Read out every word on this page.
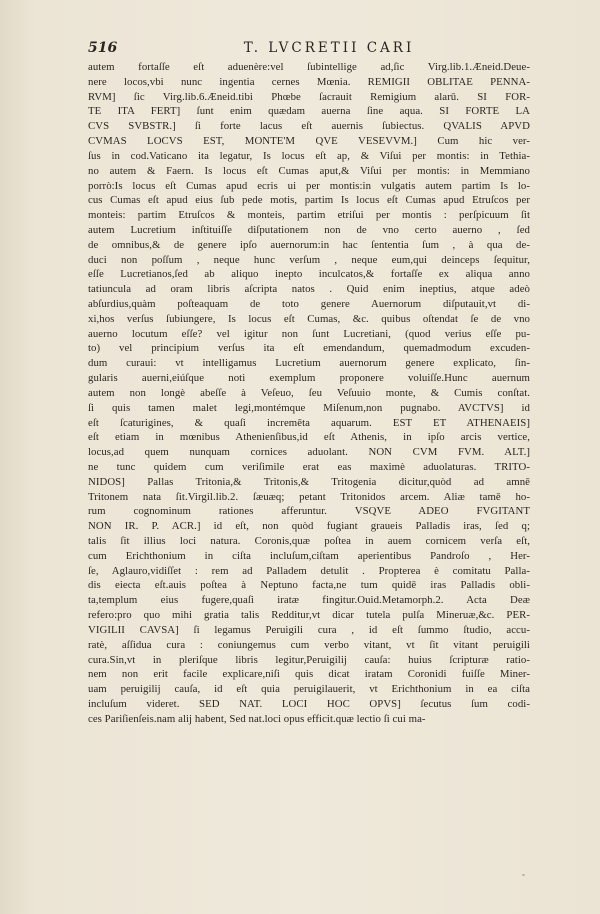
516	T. LVCRETII CARI
autem fortaſſe eſt aduenère:vel ſubintellige ad,ſic Virg.lib.1.Æneid.Deue-
nere locos,vbi nunc ingentia cernes Mœnia. REMIGII OBLITAE PENNA-
RVM] ſic Virg.lib.6.Æneid.tibi Phœbe ſacrauit Remigium alarū. SI FOR-
TE ITA FERT] ſunt enim quædam auerna ſine aqua. SI FORTE LA
CVS SVBSTR.] ſi forte lacus eſt auernis ſubiectus. QVALIS APVD
CVMAS LOCVS EST, MONTE'M QVE VESEVVM.] Cum hic ver-
ſus in cod.Vaticano ita legatur, Is locus eſt ap, & Viſui per montis: in Tethia-
no autem & Faern. Is locus eſt Cumas aput,& Viſui per montis: in Memmiano
porrò:Is locus eſt Cumas apud ecris ui per montis:in vulgatis autem partim Is lo-
cus Cumas eſt apud eius ſub pede motis, partim Is locus eſt Cumas apud Etruſcos per
monteis: partim Etruſcos & monteis, partim etriſui per montis : perſpicuum ſit
autem Lucretium inſtituiſſe diſputationem non de vno certo auerno , ſed
de omnibus,& de genere ipſo auernorum:in hac ſententia ſum , à qua de-
duci non poſſum , neque hunc verſum , neque eum,qui deinceps ſequitur,
eſſe Lucretianos,ſed ab aliquo inepto inculcatos,& fortaſſe ex aliqua anno
tatiuncula ad oram libris aſcripta natos . Quid enim ineptius, atque adeò
abſurdius,quàm poſteaquam de toto genere Auernorum diſputauit,vt di-
xi,hos verſus ſubiungere, Is locus eſt Cumas, &c. quibus oſtendat ſe de vno
auerno locutum eſſe? vel igitur non ſunt Lucretiani, (quod verius eſſe pu-
to) vel principium verſus ita eſt emendandum, quemadmodum excuden-
dum curaui: vt intelligamus Lucretium auernorum genere explicato, ſin-
gularis auerni,eiúſque noti exemplum proponere voluiſſe.Hunc auernum
autem non longè abeſſe à Veſeuo, ſeu Veſuuio monte, & Cumis conſtat.
ſi quis tamen malet legi,montémque Miſenum,non pugnabo. AVCTVS] id
eſt ſcaturigines, & quaſi incremēta aquarum. EST ET ATHENAEIS]
eſt etiam in mœnibus Athenienſibus,id eſt Athenis, in ipſo arcis vertice,
locus,ad quem nunquam cornices aduolant. NON CVM FVM. ALT.]
ne tunc quidem cum veriſimile erat eas maximè aduolaturas. TRITO-
NIDOS] Pallas Tritonia,& Tritonis,& Tritogenia dicitur,quòd ad amnē
Tritonem nata ſit.Virgil.lib.2. ſæuæq; petant Tritonidos arcem. Aliæ tamē ho-
rum cognominum rationes afferuntur. VSQVE ADEO FVGITANT
NON IR. P. ACR.] id eſt, non quòd fugiant graueis Palladis iras, ſed q;
talis ſit illius loci natura. Coronis,quæ poſtea in auem cornicem verſa eſt,
cum Erichthonium in ciſta incluſum,ciſtam aperientibus Pandroſo , Her-
ſe, Aglauro,vidiſſet : rem ad Palladem detulit . Propterea è comitatu Palla-
dis eiecta eſt.auis poſtea à Neptuno facta,ne tum quidē iras Palladis obli-
ta,templum eius fugere,quaſi iratæ fingitur.Ouid.Metamorph.2. Acta Deæ
refero:pro quo mihi gratia talis Redditur,vt dicar tutela pulſa Mineruæ,&c. PER-
VIGILII CAVSA] ſi legamus Peruigili cura , id eſt ſummo ſtudio, accu-
ratè, aſſidua cura : coniungemus cum verbo vitant, vt ſit vitant peruigili
cura.Sin,vt in pleriſque libris legitur,Peruigilij cauſa: huius ſcripturæ ratio-
nem non erit facile explicare,niſi quis dicat iratam Coronidi fuiſſe Miner-
uam peruigilij cauſa, id eſt quia peruigilauerit, vt Erichthonium in ea ciſta
incluſum videret. SED NAT. LOCI HOC OPVS] ſecutus ſum codi-
ces Pariſienſeis.nam alij habent, Sed nat.loci opus efficit.quæ lectio ſi cui ma-
